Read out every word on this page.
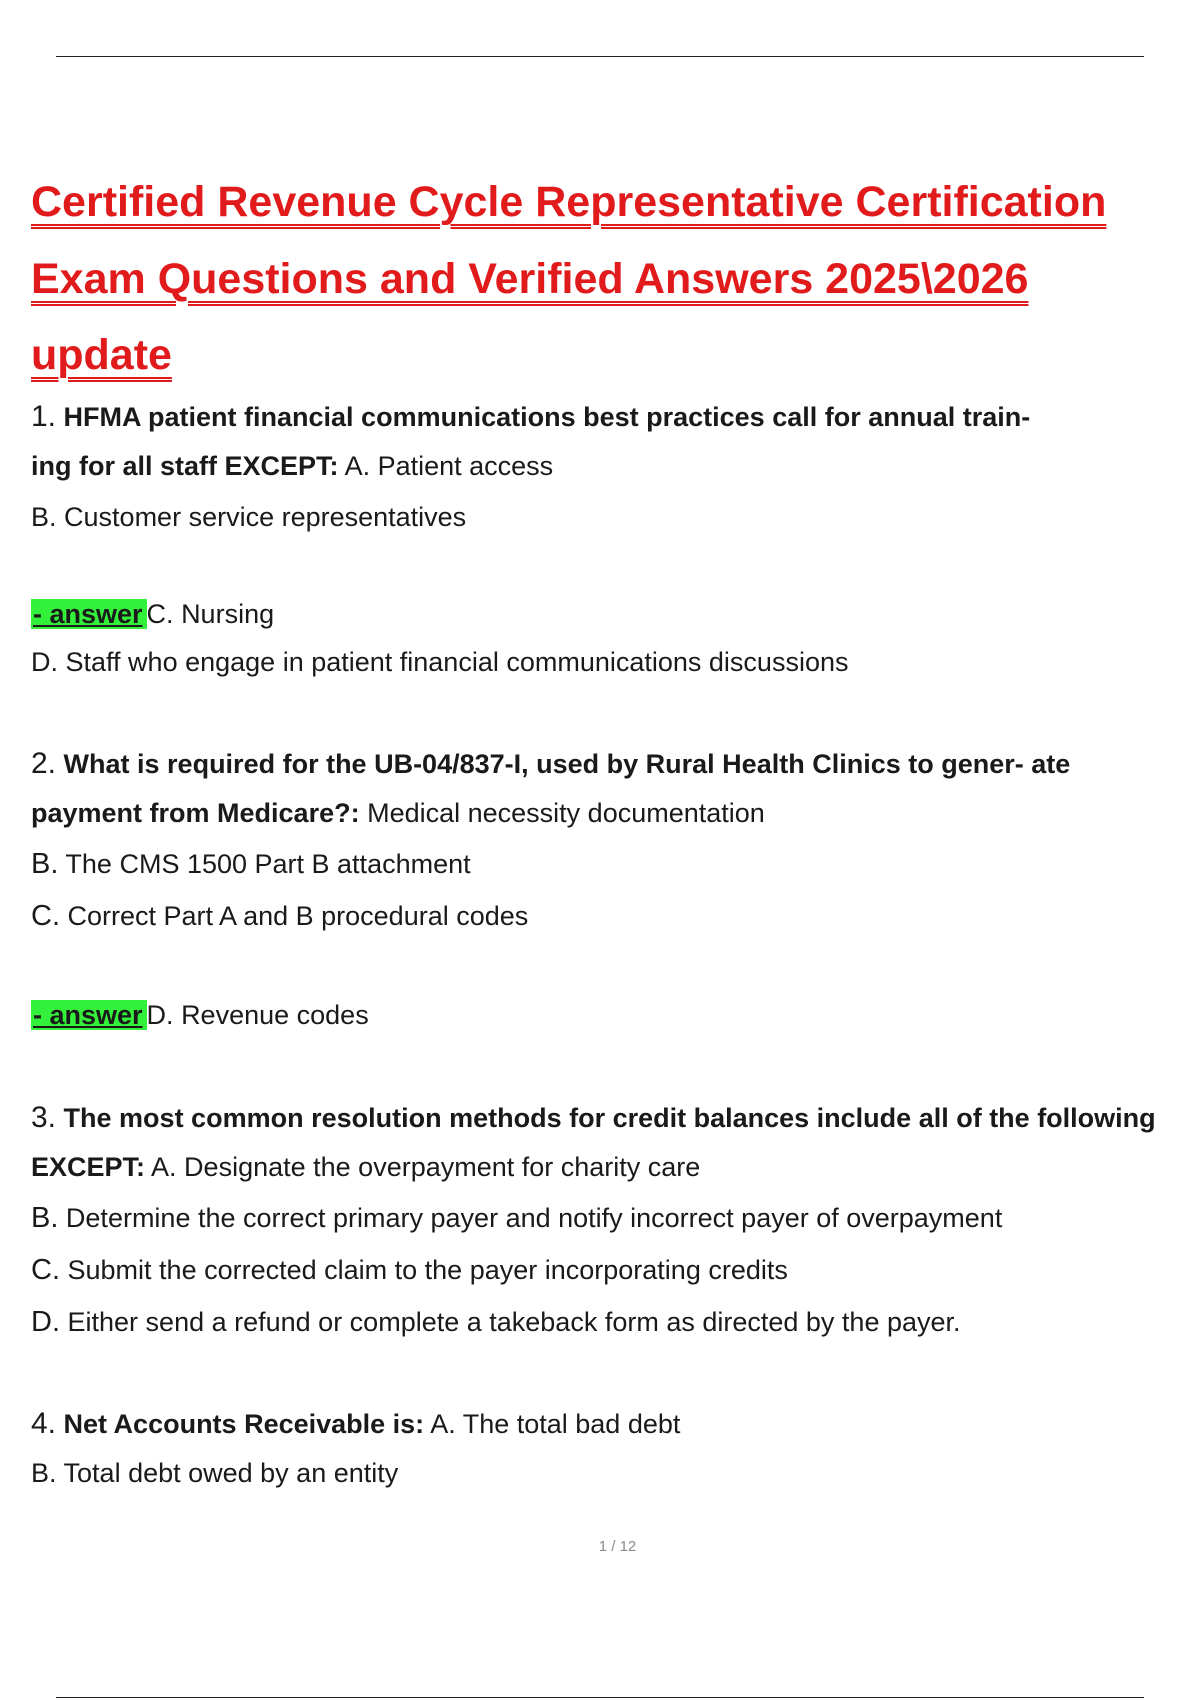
Certified Revenue Cycle Representative Certification
Exam Questions and Verified Answers 2025\2026
update
1. HFMA patient financial communications best practices call for annual train-
ing for all staff EXCEPT: A. Patient access
B. Customer service representatives
- answer C. Nursing
D. Staff who engage in patient financial communications discussions
2. What is required for the UB-04/837-I, used by Rural Health Clinics to gener- ate
payment from Medicare?: Medical necessity documentation
B. The CMS 1500 Part B attachment
C. Correct Part A and B procedural codes
- answer D. Revenue codes
3. The most common resolution methods for credit balances include all of the following
EXCEPT: A. Designate the overpayment for charity care
B. Determine the correct primary payer and notify incorrect payer of overpayment
C. Submit the corrected claim to the payer incorporating credits
D. Either send a refund or complete a takeback form as directed by the payer.
4. Net Accounts Receivable is: A. The total bad debt
B. Total debt owed by an entity
1 / 12
